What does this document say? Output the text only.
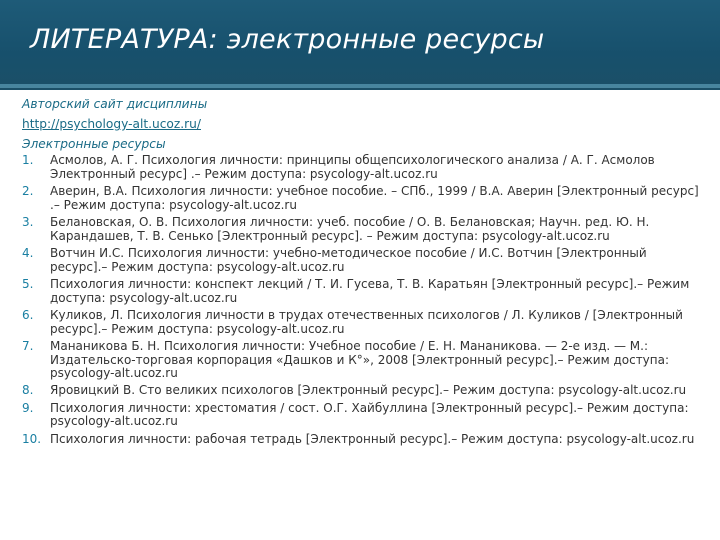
ЛИТЕРАТУРА: электронные ресурсы

Авторский сайт дисциплины

http://psychology-alt.ucoz.ru/

Электронные ресурсы

1. Асмолов, А. Г. Психология личности: принципы общепсихологического анализа / А. Г. Асмолов Электронный ресурс] .– Режим доступа: psycology-alt.ucoz.ru
2. Аверин, В.А. Психология личности: учебное пособие. – СПб., 1999 / В.А. Аверин [Электронный ресурс] .– Режим доступа: psycology-alt.ucoz.ru
3. Белановская, О. В. Психология личности: учеб. пособие / О. В. Белановская; Научн. ред. Ю. Н. Карандашев, Т. В. Сенько [Электронный ресурс]. – Режим доступа: psycology-alt.ucoz.ru
4. Вотчин И.С. Психология личности: учебно-методическое пособие / И.С. Вотчин [Электронный ресурс].– Режим доступа: psycology-alt.ucoz.ru
5. Психология личности: конспект лекций / Т. И. Гусева, Т. В. Каратьян [Электронный ресурс].– Режим доступа: psycology-alt.ucoz.ru
6. Куликов, Л. Психология личности в трудах отечественных психологов / Л. Куликов / [Электронный ресурс].– Режим доступа: psycology-alt.ucoz.ru
7. Мананикова Б. Н. Психология личности: Учебное пособие / Е. Н. Мананикова. — 2-е изд. — М.: Издательско-торговая корпорация «Дашков и К°», 2008 [Электронный ресурс].– Режим доступа: psycology-alt.ucoz.ru
8. Яровицкий В. Сто великих психологов [Электронный ресурс].– Режим доступа: psycology-alt.ucoz.ru
9. Психология личности: хрестоматия / сост. О.Г. Хайбуллина [Электронный ресурс].– Режим доступа: psycology-alt.ucoz.ru
10. Психология личности: рабочая тетрадь [Электронный ресурс].– Режим доступа: psycology-alt.ucoz.ru
